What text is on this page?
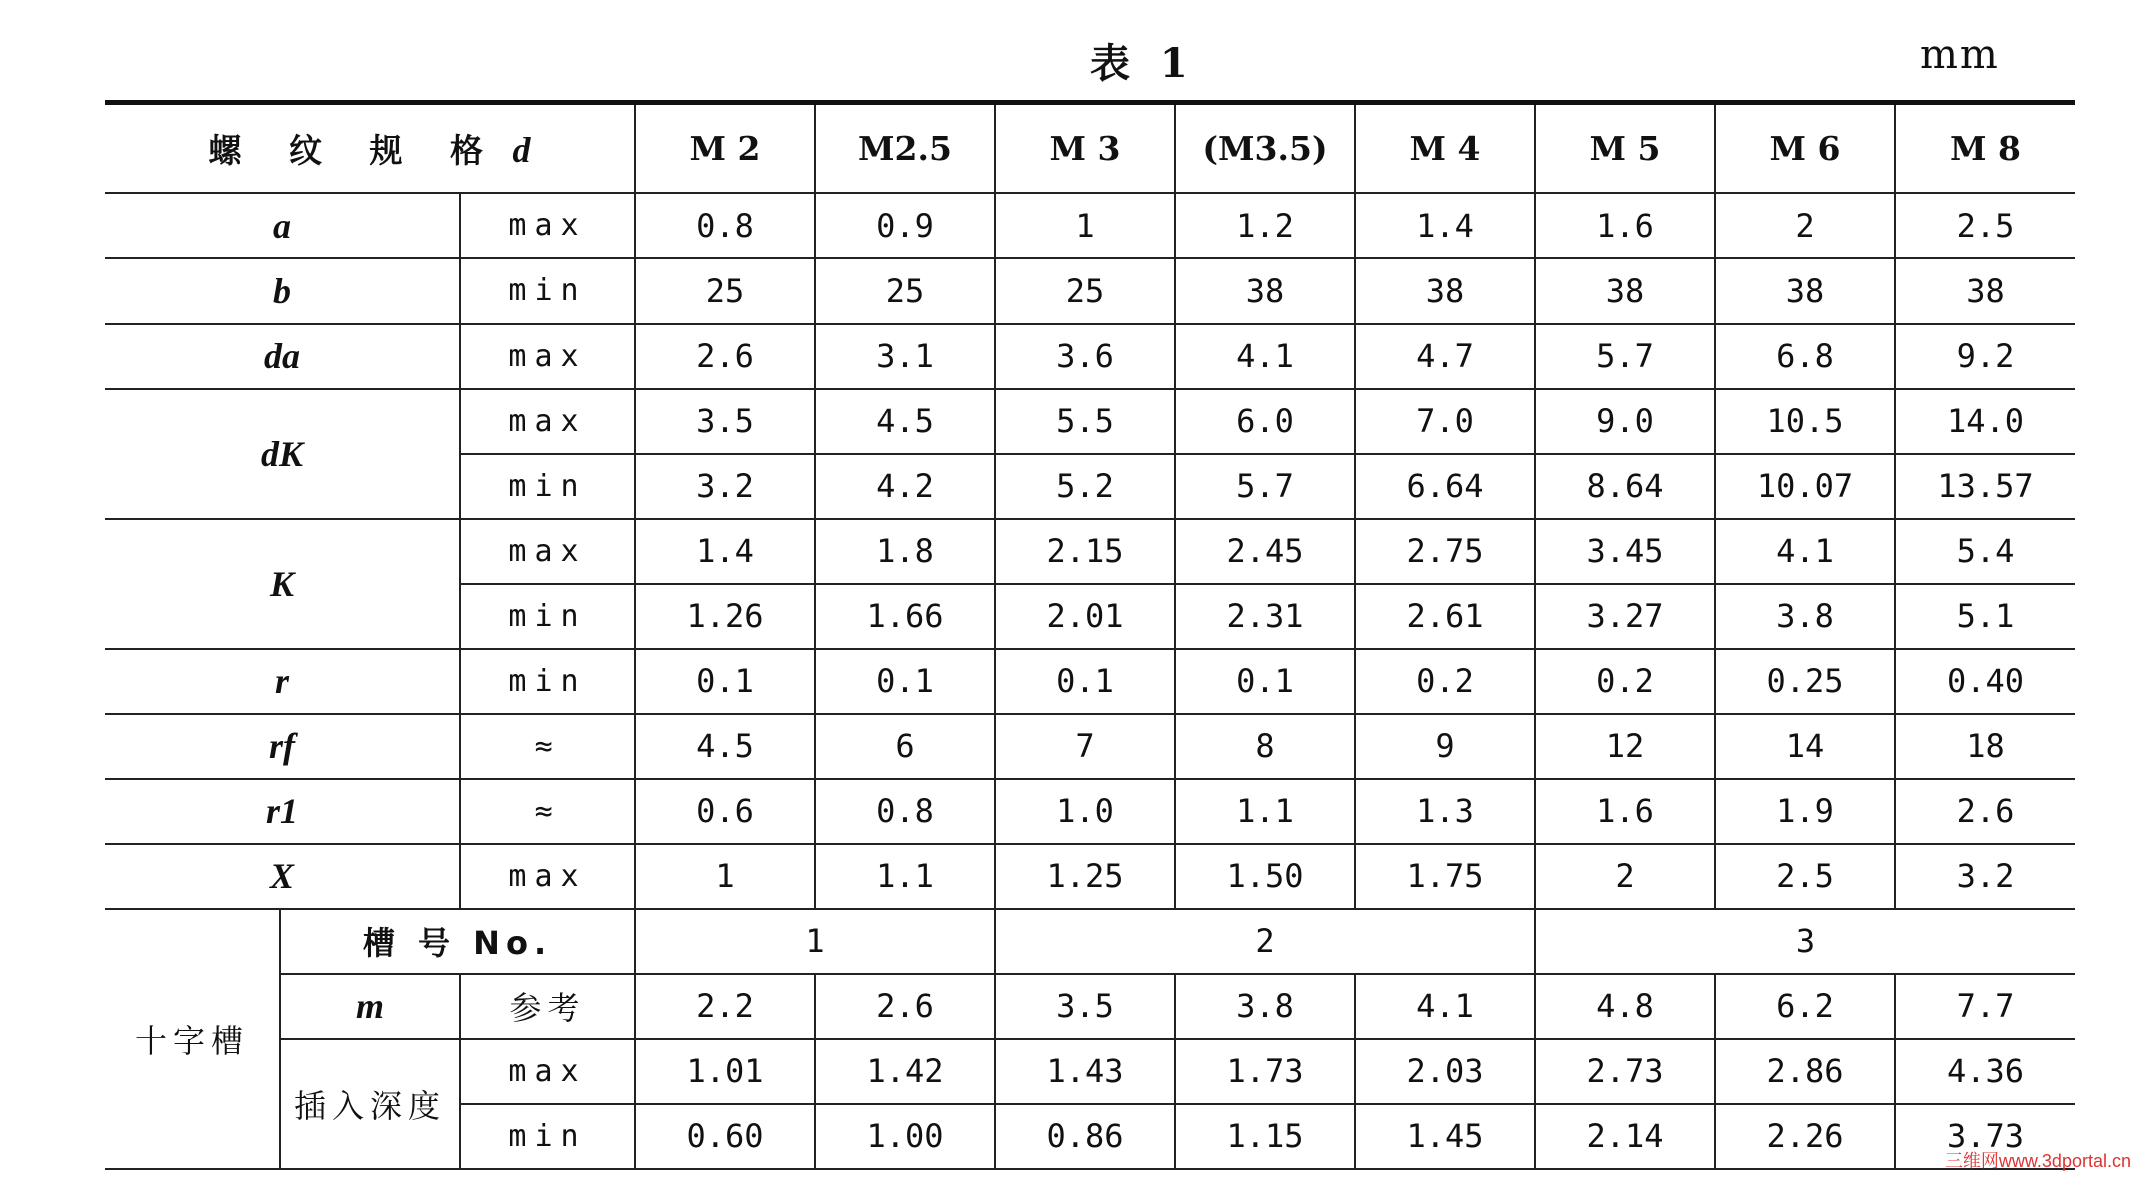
表 1	mm
螺 纹 规 格 d			M 2	M2.5	M 3	(M3.5)	M 4	M 5	M 6	M 8
a		max	0.8	0.9	1	1.2	1.4	1.6	2	2.5
b		min	25	25	25	38	38	38	38	38
da		max	2.6	3.1	3.6	4.1	4.7	5.7	6.8	9.2
dK		max	3.5	4.5	5.5	6.0	7.0	9.0	10.5	14.0
		min	3.2	4.2	5.2	5.7	6.64	8.64	10.07	13.57
K		max	1.4	1.8	2.15	2.45	2.75	3.45	4.1	5.4
		min	1.26	1.66	2.01	2.31	2.61	3.27	3.8	5.1
r		min	0.1	0.1	0.1	0.1	0.2	0.2	0.25	0.40
rf		≈	4.5	6	7	8	9	12	14	18
r1		≈	0.6	0.8	1.0	1.1	1.3	1.6	1.9	2.6
X		max	1	1.1	1.25	1.50	1.75	2	2.5	3.2
十字槽	槽 号 No.		1		2			3		
	m	参考	2.2	2.6	3.5	3.8	4.1	4.8	6.2	7.7
	插入深度	max	1.01	1.42	1.43	1.73	2.03	2.73	2.86	4.36
		min	0.60	1.00	0.86	1.15	1.45	2.14	2.26	3.73
三维网www.3dportal.cn
